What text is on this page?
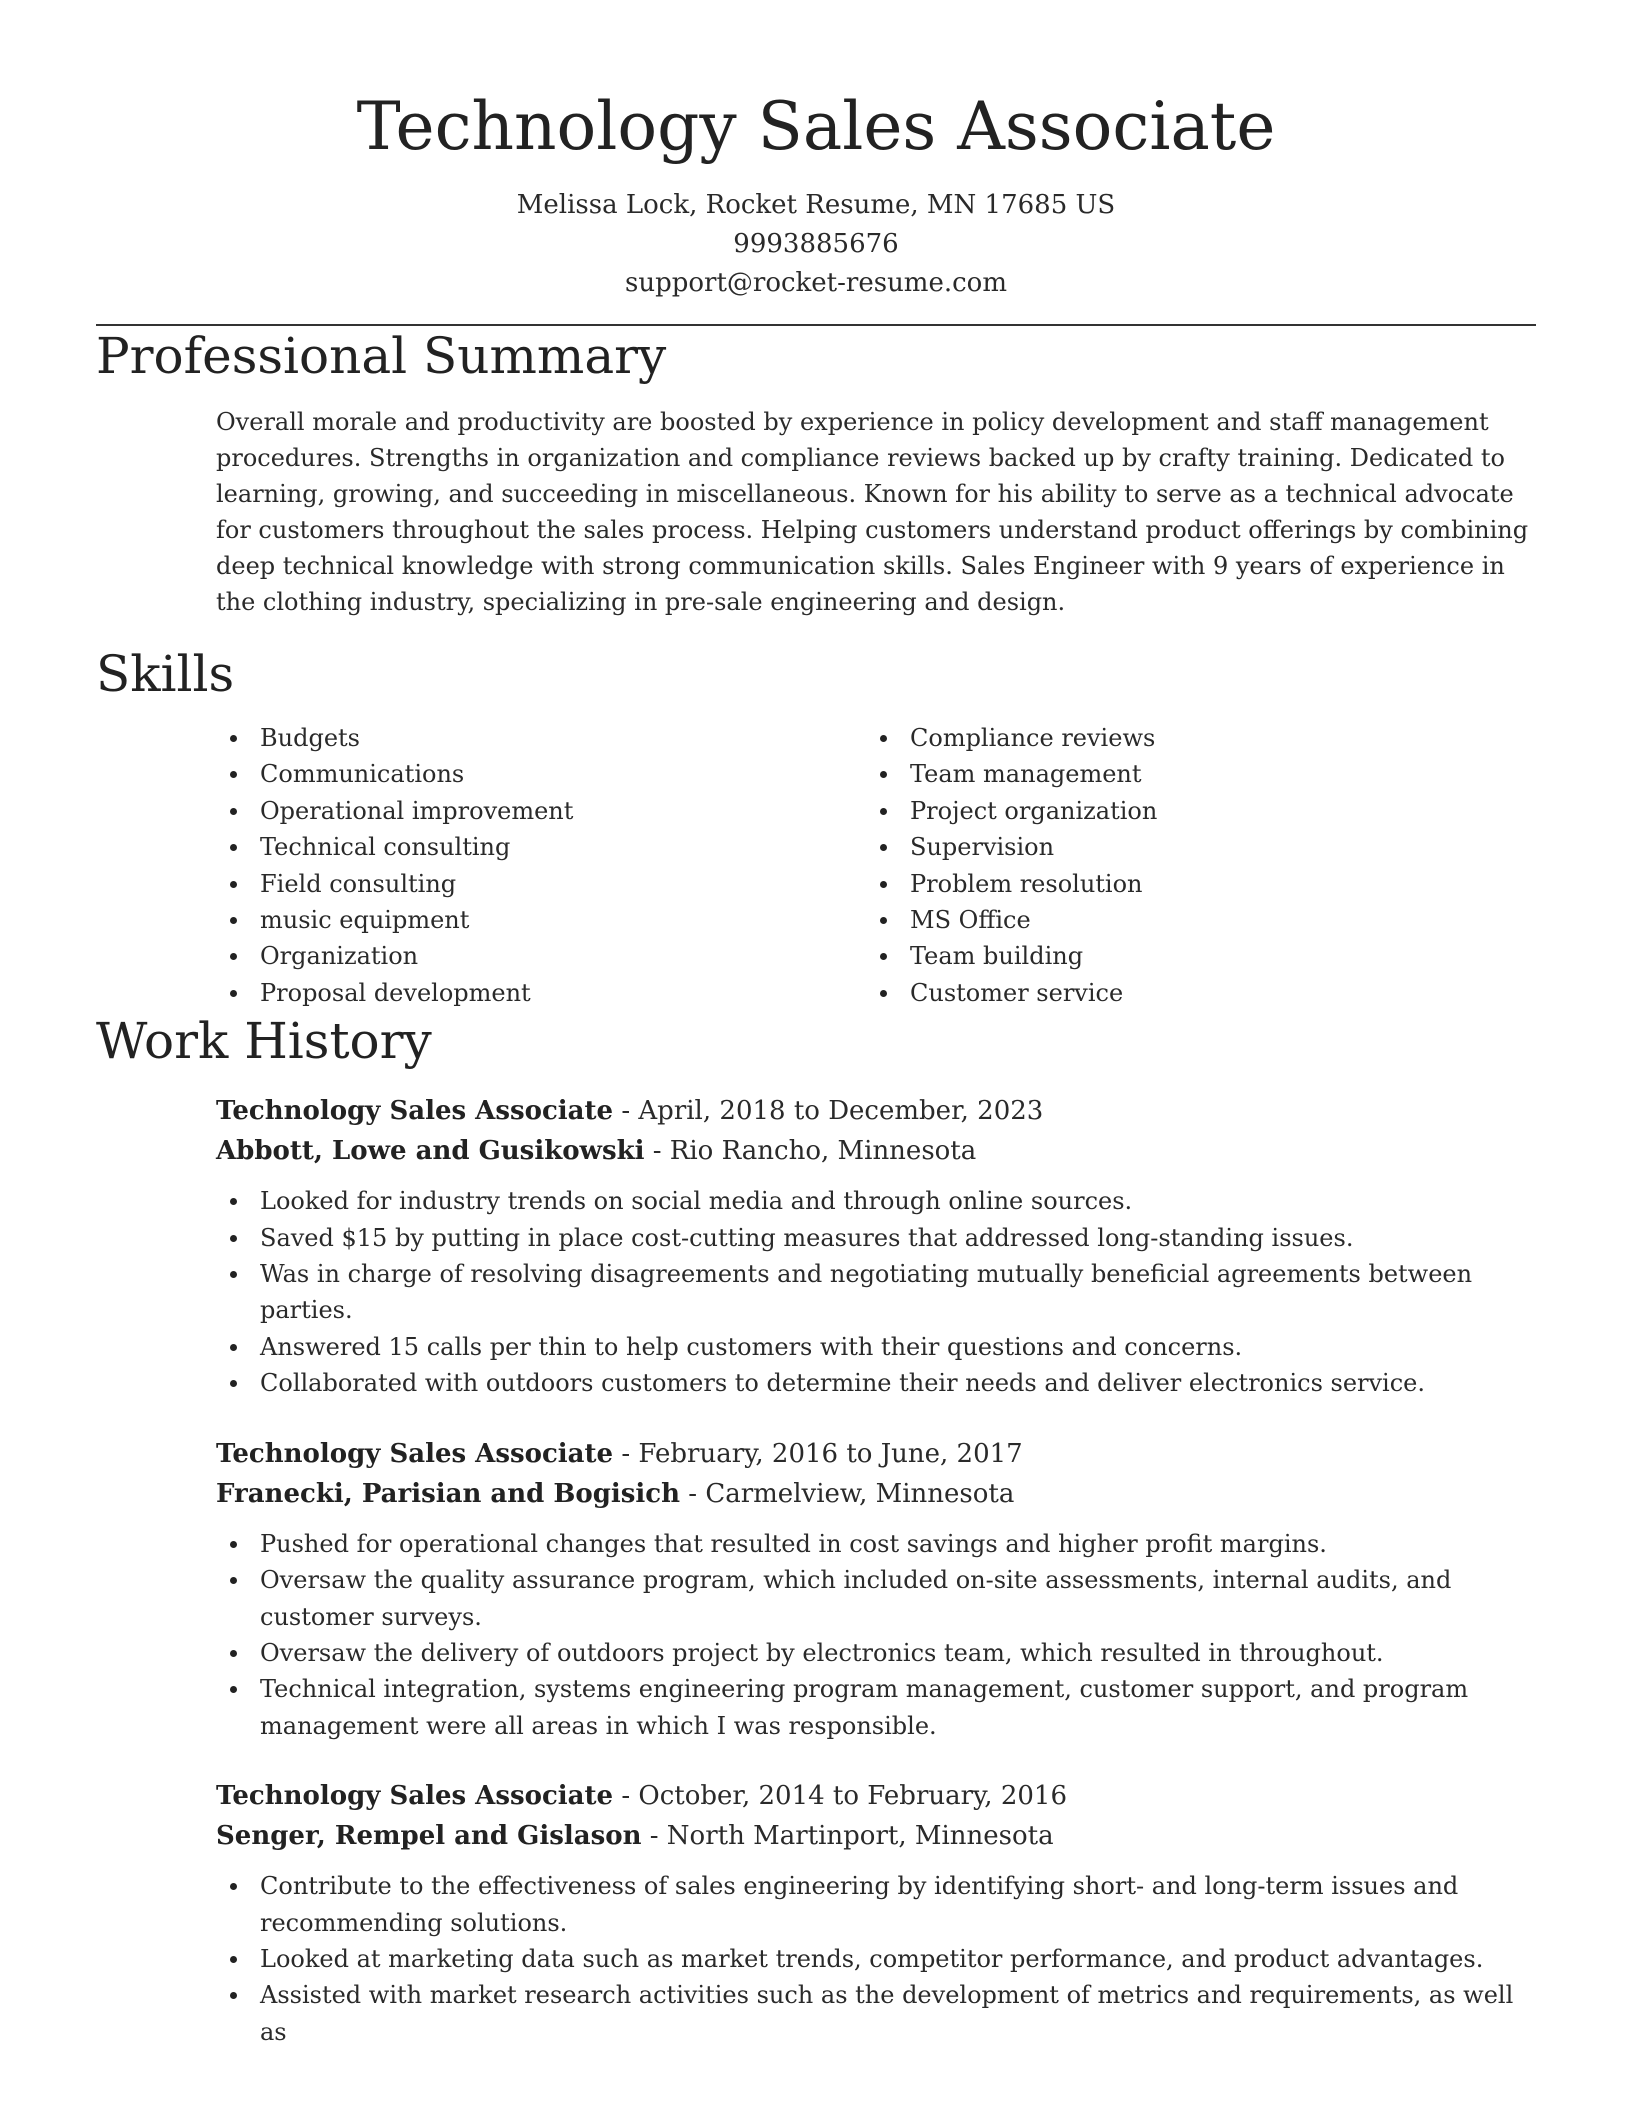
Technology Sales Associate
Melissa Lock, Rocket Resume, MN 17685 US
9993885676
support@rocket-resume.com
Professional Summary

Overall morale and productivity are boosted by experience in policy development and staff management procedures. Strengths in organization and compliance reviews backed up by crafty training. Dedicated to learning, growing, and succeeding in miscellaneous. Known for his ability to serve as a technical advocate for customers throughout the sales process. Helping customers understand product offerings by combining deep technical knowledge with strong communication skills. Sales Engineer with 9 years of experience in the clothing industry, specializing in pre-sale engineering and design.

Skills
Budgets
Communications
Operational improvement
Technical consulting
Field consulting
music equipment
Organization
Proposal development
Compliance reviews
Team management
Project organization
Supervision
Problem resolution
MS Office
Team building
Customer service
Work History
Technology Sales Associate - April, 2018 to December, 2023
Abbott, Lowe and Gusikowski - Rio Rancho, Minnesota
Looked for industry trends on social media and through online sources.
Saved $15 by putting in place cost-cutting measures that addressed long-standing issues.
Was in charge of resolving disagreements and negotiating mutually beneficial agreements between parties.
Answered 15 calls per thin to help customers with their questions and concerns.
Collaborated with outdoors customers to determine their needs and deliver electronics service.
Technology Sales Associate - February, 2016 to June, 2017
Franecki, Parisian and Bogisich - Carmelview, Minnesota
Pushed for operational changes that resulted in cost savings and higher profit margins.
Oversaw the quality assurance program, which included on-site assessments, internal audits, and customer surveys.
Oversaw the delivery of outdoors project by electronics team, which resulted in throughout.
Technical integration, systems engineering program management, customer support, and program management were all areas in which I was responsible.
Technology Sales Associate - October, 2014 to February, 2016
Senger, Rempel and Gislason - North Martinport, Minnesota
Contribute to the effectiveness of sales engineering by identifying short- and long-term issues and recommending solutions.
Looked at marketing data such as market trends, competitor performance, and product advantages.
Assisted with market research activities such as the development of metrics and requirements, as well as
